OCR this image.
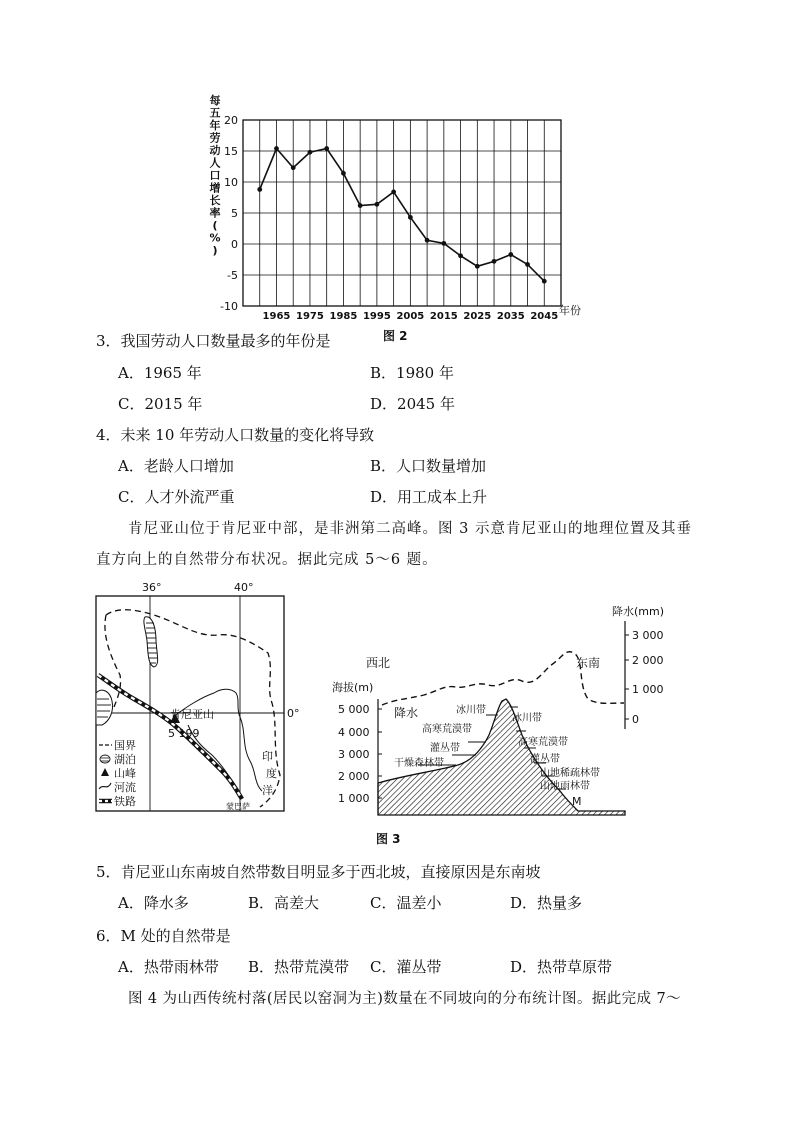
每
五
年
劳
动
人
口
增
长
率
(
%
)
20
15
10
5
0
-5
-10
1965 1975 1985 1995 2005 2015 2025 2035 2045 年份
图 2
3．我国劳动人口数量最多的年份是
A．1965 年	B．1980 年
C．2015 年	D．2045 年
4．未来 10 年劳动人口数量的变化将导致
A．老龄人口增加	B．人口数量增加
C．人才外流严重	D．用工成本上升
肯尼亚山位于肯尼亚中部，是非洲第二高峰。图 3 示意肯尼亚山的地理位置及其垂
直方向上的自然带分布状况。据此完成 5～6 题。
36°	40°
0°
肯尼亚山
5 199
印
度
洋
蒙巴萨
国界
湖泊
山峰
河流
铁路
西北	东南
海拔(m)
降水(mm)
5 000
4 000
3 000
2 000
1 000
3 000
2 000
1 000
0
降水	冰川带
高寒荒漠带
灌丛带
干燥森林带
冰川带
高寒荒漠带
灌丛带
山地稀疏林带
山地雨林带
M
图 3
5．肯尼亚山东南坡自然带数目明显多于西北坡，直接原因是东南坡
A．降水多	B．高差大	C．温差小	D．热量多
6．M 处的自然带是
A．热带雨林带 B．热带荒漠带 C．灌丛带	D．热带草原带
图 4 为山西传统村落(居民以窑洞为主)数量在不同坡向的分布统计图。据此完成 7～
